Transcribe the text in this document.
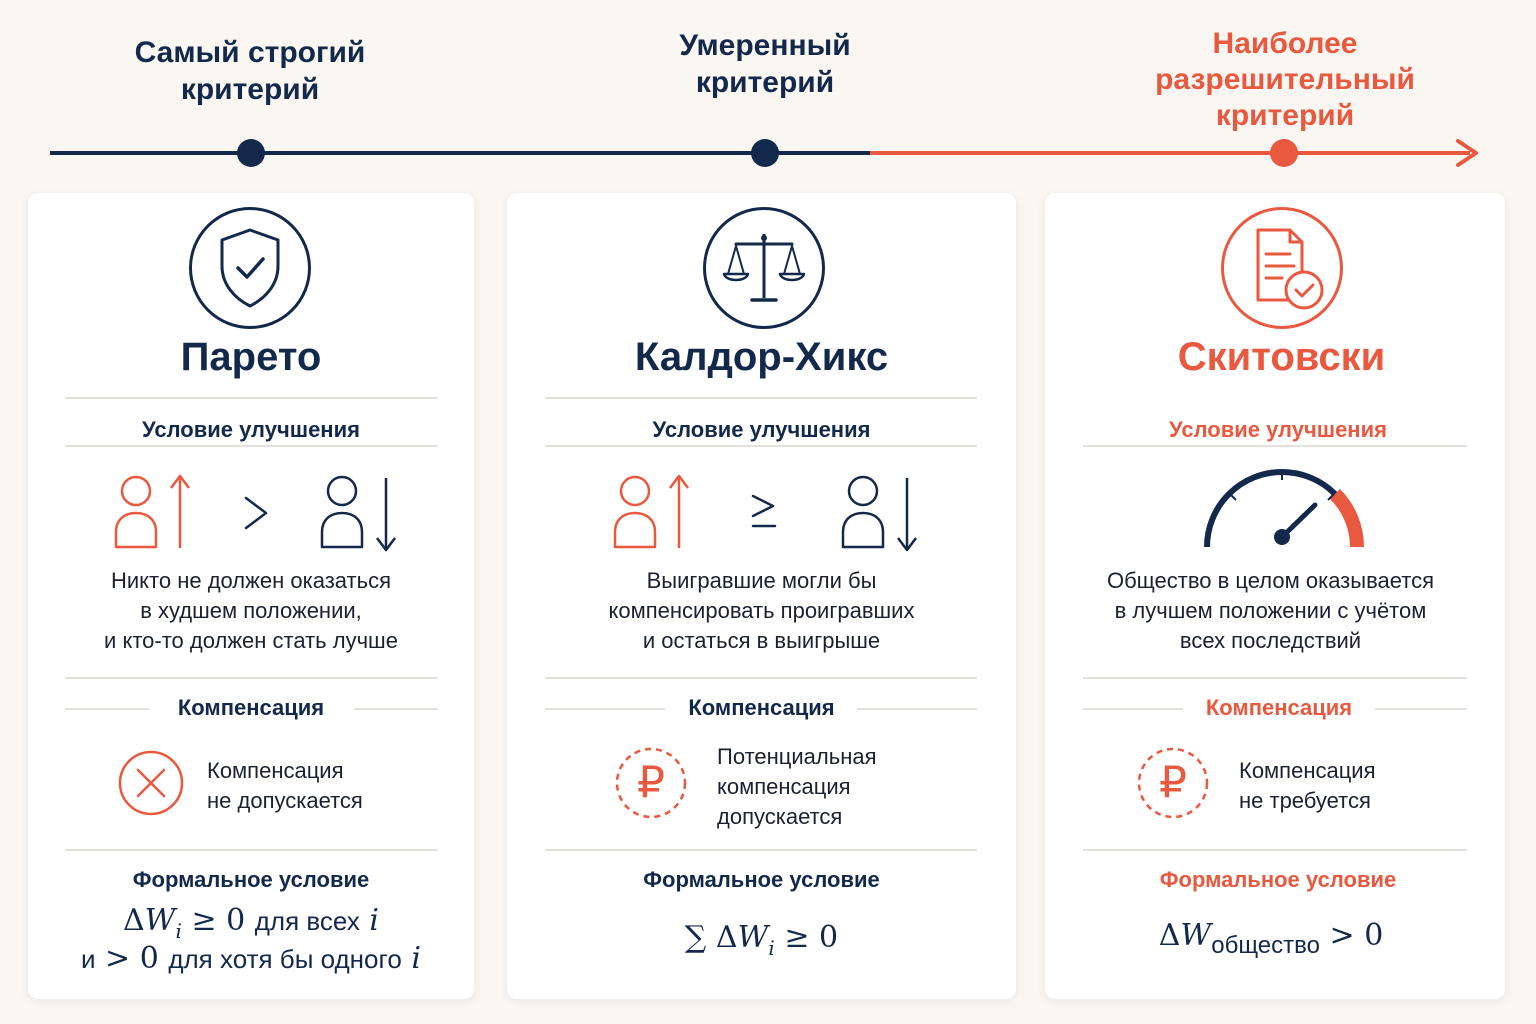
Самый строгий
критерий
Умеренный
критерий
Наиболее
разрешительный
критерий
Парето
Условие улучшения
Никто не должен оказаться
в худшем положении,
и кто-то должен стать лучше
Компенсация
Компенсация
не допускается
Формальное условие
$\Delta W_i \ge 0$ для всех i
и > 0 для хотя бы одного i
Калдор-Хикс
Условие улучшения
Выигравшие могли бы
компенсировать проигравших
и остаться в выигрыше
Компенсация
₽
Потенциальная
компенсация
допускается
Формальное условие
∑ $\Delta W_i \ge 0$
Скитовски
Условие улучшения
Общество в целом оказывается
в лучшем положении с учётом
всех последствий
Компенсация
₽	Компенсация
не требуется
Формальное условие
$\Delta W_{общество} > 0$
